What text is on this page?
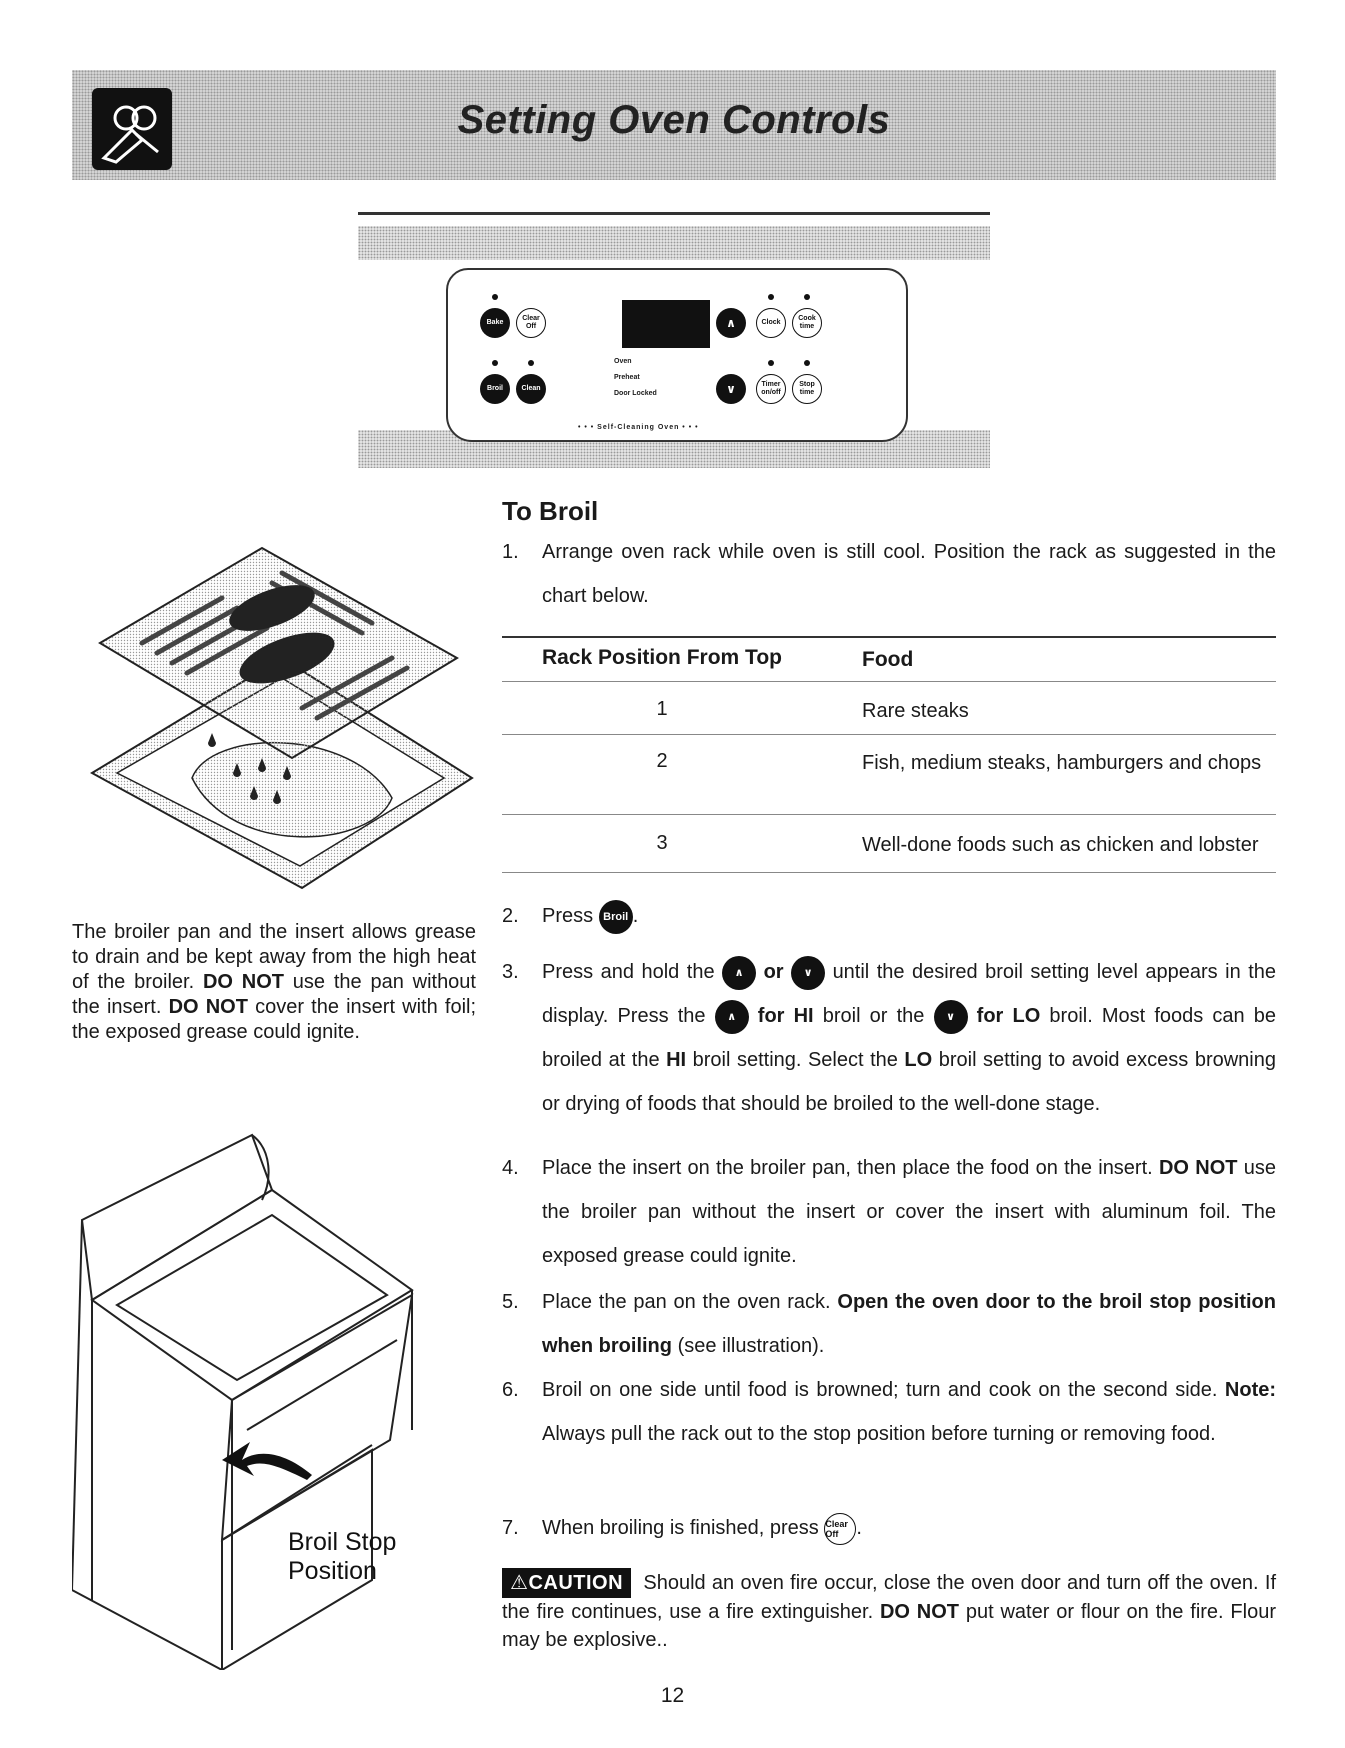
Setting Oven Controls
Bake
Clear Off
Broil	Clean
Oven
Preheat
Door Locked
• • • Self-Cleaning Oven • • •
∧
∨
Clock
Cook time
Timer on/off
Stop time
The broiler pan and the insert allows grease to drain and be kept away from the high heat of the broiler. DO NOT use the pan without the insert. DO NOT cover the insert with foil; the exposed grease could ignite.
Broil Stop
Position
To Broil
1. Arrange oven rack while oven is still cool. Position the rack as suggested in the chart below.
Rack Position From Top	Food
1	Rare steaks
2	Fish, medium steaks, hamburgers and chops
3	Well-done foods such as chicken and lobster
2. Press Broil .
3. Press and hold the ∧ or ∨ until the desired broil setting level appears in the display. Press the ∧ for HI broil or the ∨ for LO broil. Most foods can be broiled at the HI broil setting. Select the LO broil setting to avoid excess browning or drying of foods that should be broiled to the well-done stage.
4. Place the insert on the broiler pan, then place the food on the insert. DO NOT use the broiler pan without the insert or cover the insert with aluminum foil. The exposed grease could ignite.
5. Place the pan on the oven rack. Open the oven door to the broil stop position when broiling (see illustration).
6. Broil on one side until food is browned; turn and cook on the second side. Note: Always pull the rack out to the stop position before turning or removing food.
7. When broiling is finished, press Clear Off .
⚠CAUTION Should an oven fire occur, close the oven door and turn off the oven. If the fire continues, use a fire extinguisher. DO NOT put water or flour on the fire. Flour may be explosive..
12
